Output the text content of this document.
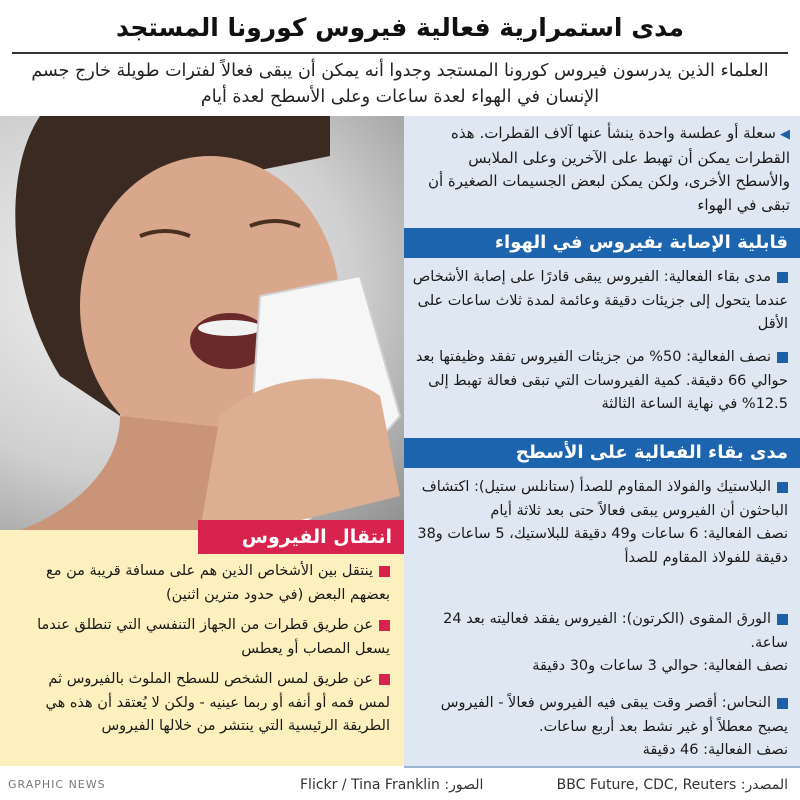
مدى استمرارية فعالية فيروس كورونا المستجد
العلماء الذين يدرسون فيروس كورونا المستجد وجدوا أنه يمكن أن يبقى فعالاً لفترات طويلة خارج جسم الإنسان في الهواء لعدة ساعات وعلى الأسطح لعدة أيام
◀سعلة أو عطسة واحدة ينشأ عنها آلاف القطرات. هذه القطرات يمكن أن تهبط على الآخرين وعلى الملابس والأسطح الأخرى، ولكن يمكن لبعض الجسيمات الصغيرة أن تبقى في الهواء
قابلية الإصابة بفيروس في الهواء
مدى بقاء الفعالية: الفيروس يبقى قادرًا على إصابة الأشخاص عندما يتحول إلى جزيئات دقيقة وعائمة لمدة ثلاث ساعات على الأقل
نصف الفعالية: 50% من جزيئات الفيروس تفقد وظيفتها بعد حوالي 66 دقيقة. كمية الفيروسات التي تبقى فعالة تهبط إلى 12.5% في نهاية الساعة الثالثة
مدى بقاء الفعالية على الأسطح
البلاستيك والفولاذ المقاوم للصدأ (ستانلس ستيل): اكتشاف الباحثون أن الفيروس يبقى فعالاً حتى بعد ثلاثة أيام
نصف الفعالية: 6 ساعات و49 دقيقة للبلاستيك، 5 ساعات و38 دقيقة للفولاذ المقاوم للصدأ
الورق المقوى (الكرتون): الفيروس يفقد فعاليته بعد 24 ساعة.
نصف الفعالية: حوالي 3 ساعات و30 دقيقة
النحاس: أقصر وقت يبقى فيه الفيروس فعالاً - الفيروس يصبح معطلاً أو غير نشط بعد أربع ساعات.
نصف الفعالية: 46 دقيقة
انتقال الفيروس
ينتقل بين الأشخاص الذين هم على مسافة قريبة من مع بعضهم البعض (في حدود مترين اثنين)
عن طريق قطرات من الجهاز التنفسي التي تنطلق عندما يسعل المصاب أو يعطس
عن طريق لمس الشخص للسطح الملوث بالفيروس ثم لمس فمه أو أنفه أو ربما عينيه - ولكن لا يُعتقد أن هذه هي الطريقة الرئيسية التي ينتشر من خلالها الفيروس
المصدر: BBC Future, CDC, Reuters
الصور: Flickr / Tina Franklin
GRAPHIC NEWS
